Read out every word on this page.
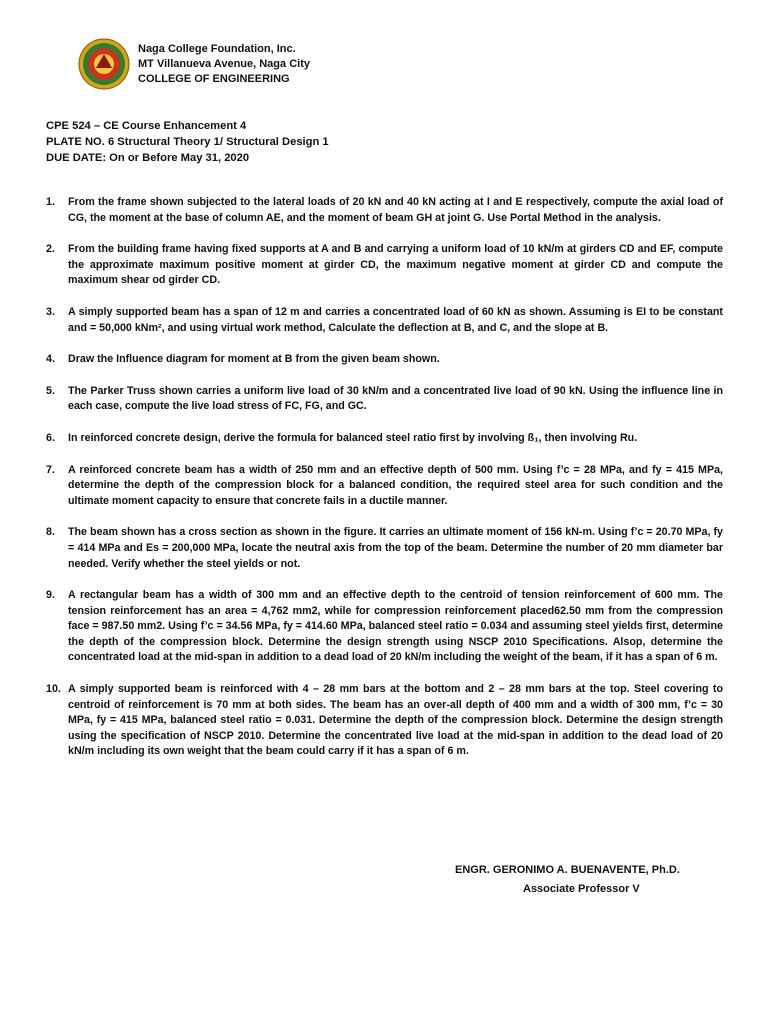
Naga College Foundation, Inc.
MT Villanueva Avenue, Naga City
COLLEGE OF ENGINEERING
CPE 524 – CE Course Enhancement 4
PLATE NO. 6 Structural Theory 1/ Structural Design 1
DUE DATE: On or Before May 31, 2020
1.	From the frame shown subjected to the lateral loads of 20 kN and 40 kN acting at I and E respectively, compute the axial load of CG, the moment at the base of column AE, and the moment of beam GH at joint G. Use Portal Method in the analysis.
2.	From the building frame having fixed supports at A and B and carrying a uniform load of 10 kN/m at girders CD and EF, compute the approximate maximum positive moment at girder CD, the maximum negative moment at girder CD and compute the maximum shear od girder CD.
3.	A simply supported beam has a span of 12 m and carries a concentrated load of 60 kN as shown. Assuming is EI to be constant and = 50,000 kNm², and using virtual work method, Calculate the deflection at B, and C, and the slope at B.
4.	Draw the Influence diagram for moment at B from the given beam shown.
5.	The Parker Truss shown carries a uniform live load of 30 kN/m and a concentrated live load of 90 kN. Using the influence line in each case, compute the live load stress of FC, FG, and GC.
6.	In reinforced concrete design, derive the formula for balanced steel ratio first by involving ß₁, then involving Ru.
7.	A reinforced concrete beam has a width of 250 mm and an effective depth of 500 mm. Using f’c = 28 MPa, and fy = 415 MPa, determine the depth of the compression block for a balanced condition, the required steel area for such condition and the ultimate moment capacity to ensure that concrete fails in a ductile manner.
8.	The beam shown has a cross section as shown in the figure. It carries an ultimate moment of 156 kN-m. Using f’c = 20.70 MPa, fy = 414 MPa and Es = 200,000 MPa, locate the neutral axis from the top of the beam. Determine the number of 20 mm diameter bar needed. Verify whether the steel yields or not.
9.	A rectangular beam has a width of 300 mm and an effective depth to the centroid of tension reinforcement of 600 mm. The tension reinforcement has an area = 4,762 mm2, while for compression reinforcement placed62.50 mm from the compression face = 987.50 mm2. Using f’c = 34.56 MPa, fy = 414.60 MPa, balanced steel ratio = 0.034 and assuming steel yields first, determine the depth of the compression block. Determine the design strength using NSCP 2010 Specifications. Alsop, determine the concentrated load at the mid-span in addition to a dead load of 20 kN/m including the weight of the beam, if it has a span of 6 m.
10. A simply supported beam is reinforced with 4 – 28 mm bars at the bottom and 2 – 28 mm bars at the top. Steel covering to centroid of reinforcement is 70 mm at both sides. The beam has an over-all depth of 400 mm and a width of 300 mm, f’c = 30 MPa, fy = 415 MPa, balanced steel ratio = 0.031. Determine the depth of the compression block. Determine the design strength using the specification of NSCP 2010. Determine the concentrated live load at the mid-span in addition to the dead load of 20 kN/m including its own weight that the beam could carry if it has a span of 6 m.
ENGR. GERONIMO A. BUENAVENTE, Ph.D.
Associate Professor V
